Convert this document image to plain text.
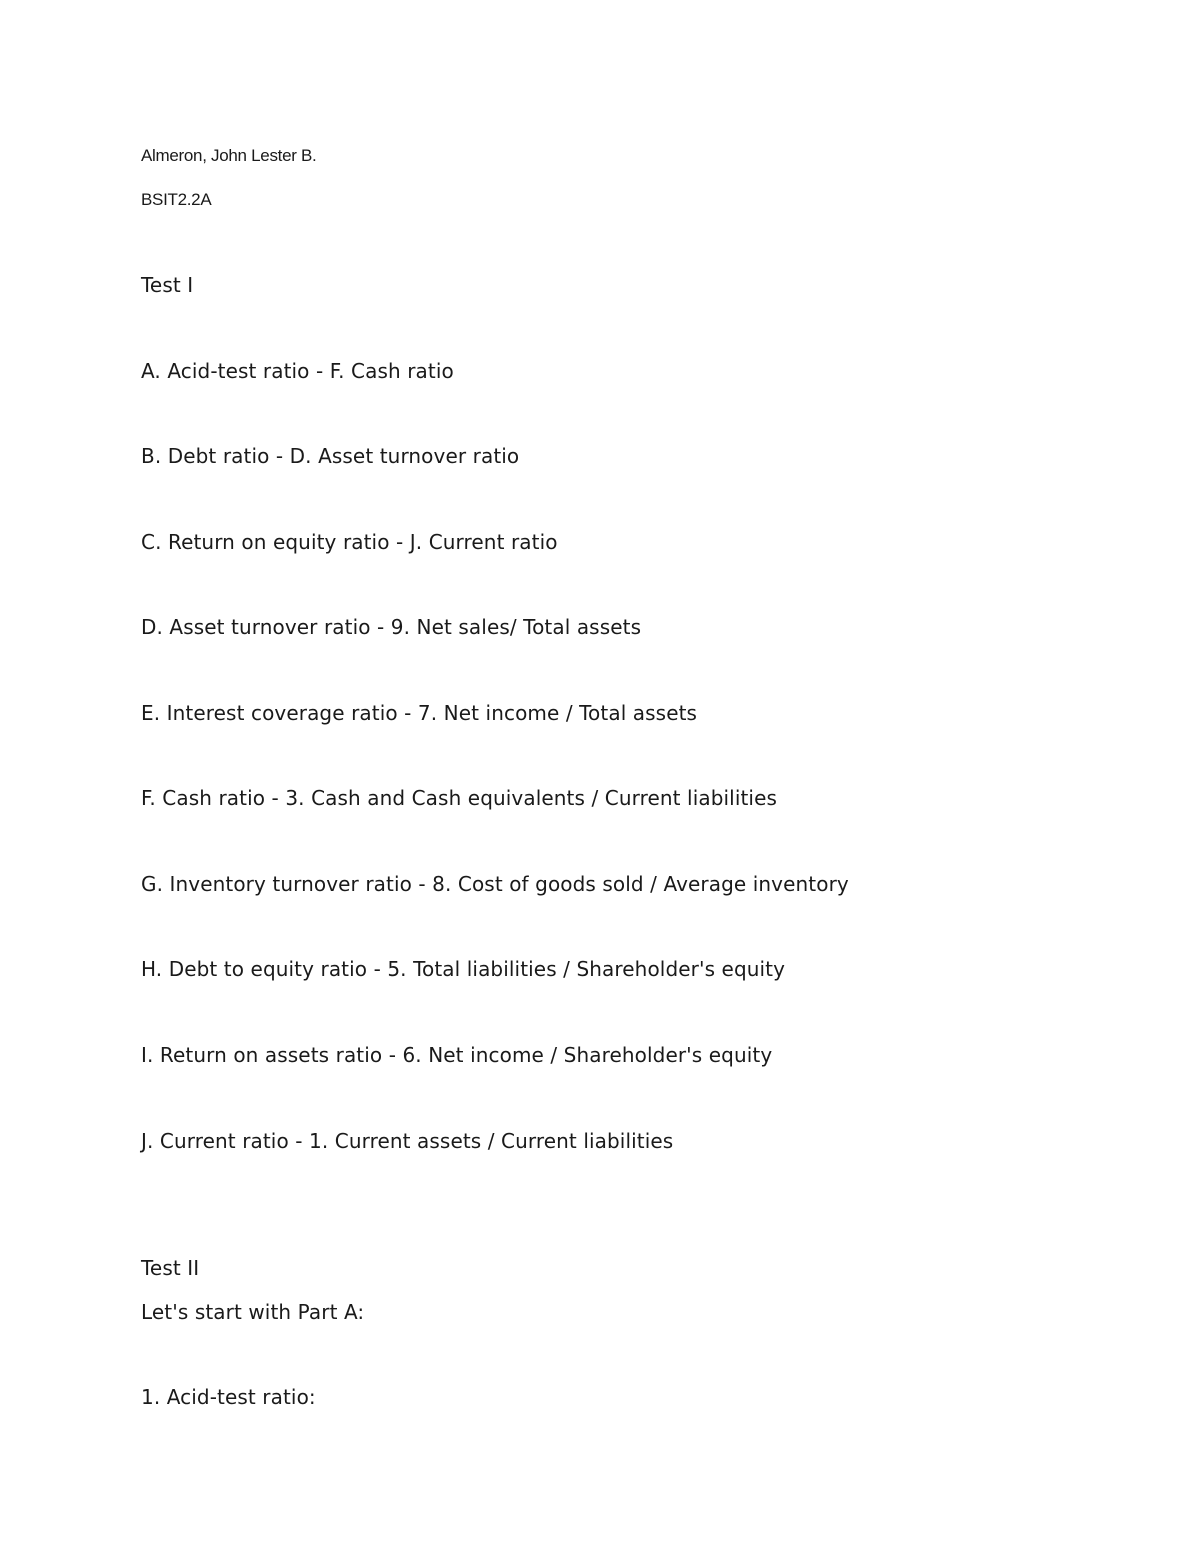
Almeron, John Lester B.
BSIT2.2A
Test I
A. Acid-test ratio - F. Cash ratio
B. Debt ratio - D. Asset turnover ratio
C. Return on equity ratio - J. Current ratio
D. Asset turnover ratio - 9. Net sales/ Total assets
E. Interest coverage ratio - 7. Net income / Total assets
F. Cash ratio - 3. Cash and Cash equivalents / Current liabilities
G. Inventory turnover ratio - 8. Cost of goods sold / Average inventory
H. Debt to equity ratio - 5. Total liabilities / Shareholder's equity
I. Return on assets ratio - 6. Net income / Shareholder's equity
J. Current ratio - 1. Current assets / Current liabilities
Test II
Let's start with Part A:
1. Acid-test ratio:
